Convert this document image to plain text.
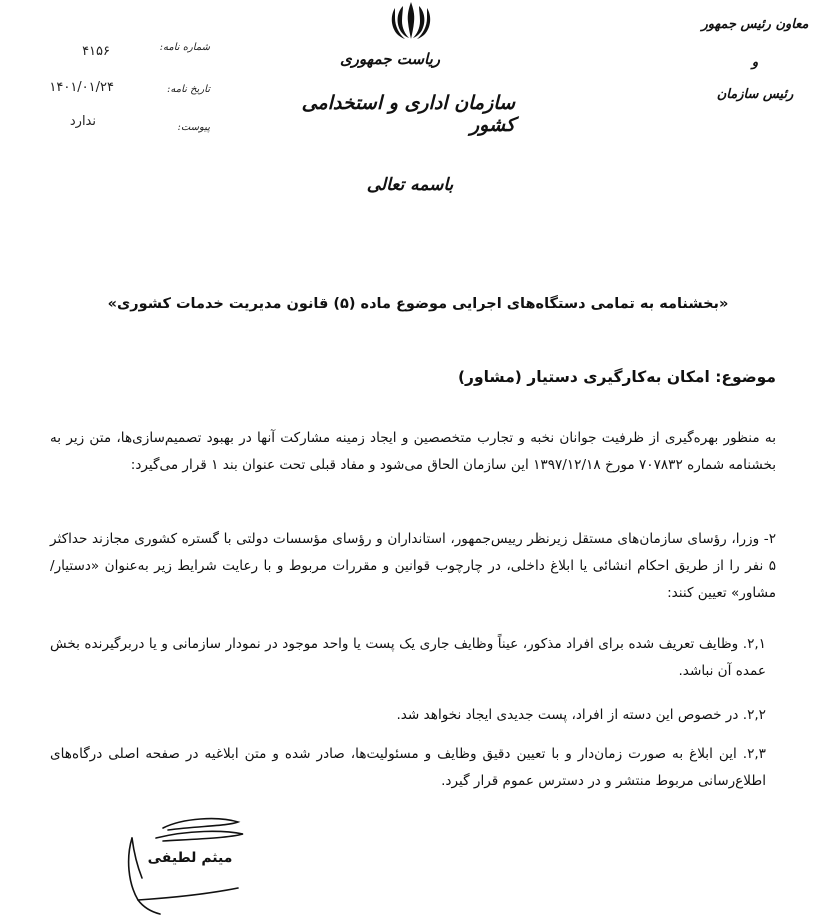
شماره نامه:
۴۱۵۶
تاریخ نامه:
۱۴۰۱/۰۱/۲۴
پیوست:
ندارد
ریاست جمهوری
سازمان اداری و استخدامی کشور
باسمه تعالی
معاون رئیس جمهور
و
رئیس سازمان
«بخشنامه به تمامی دستگاه‌های اجرایی موضوع ماده (۵) قانون مدیریت خدمات کشوری»
موضوع: امکان به‌کارگیری دستیار (مشاور)
به منظور بهره‌گیری از ظرفیت جوانان نخبه و تجارب متخصصین و ایجاد زمینه مشارکت آنها در بهبود تصمیم‌سازی‌ها، متن زیر به بخشنامه شماره ۷۰۷۸۳۲ مورخ ۱۳۹۷/۱۲/۱۸ این سازمان الحاق می‌شود و مفاد قبلی تحت عنوان بند ۱ قرار می‌گیرد:
۲- وزرا، رؤسای سازمان‌های مستقل زیرنظر رییس‌جمهور، استانداران و رؤسای مؤسسات دولتی با گستره کشوری مجازند حداکثر ۵ نفر را از طریق احکام انشائی یا ابلاغ داخلی، در چارچوب قوانین و مقررات مربوط و با رعایت شرایط زیر به‌عنوان «دستیار/ مشاور» تعیین کنند:
۲,۱. وظایف تعریف شده برای افراد مذکور، عیناً وظایف جاری یک پست یا واحد موجود در نمودار سازمانی و یا دربرگیرنده بخش عمده آن نباشد.
۲,۲. در خصوص این دسته از افراد، پست جدیدی ایجاد نخواهد شد.
۲,۳. این ابلاغ به صورت زمان‌دار و با تعیین دقیق وظایف و مسئولیت‌ها، صادر شده و متن ابلاغیه در صفحه اصلی درگاه‌های اطلاع‌رسانی مربوط منتشر و در دسترس عموم قرار گیرد.
میثم لطیفی
